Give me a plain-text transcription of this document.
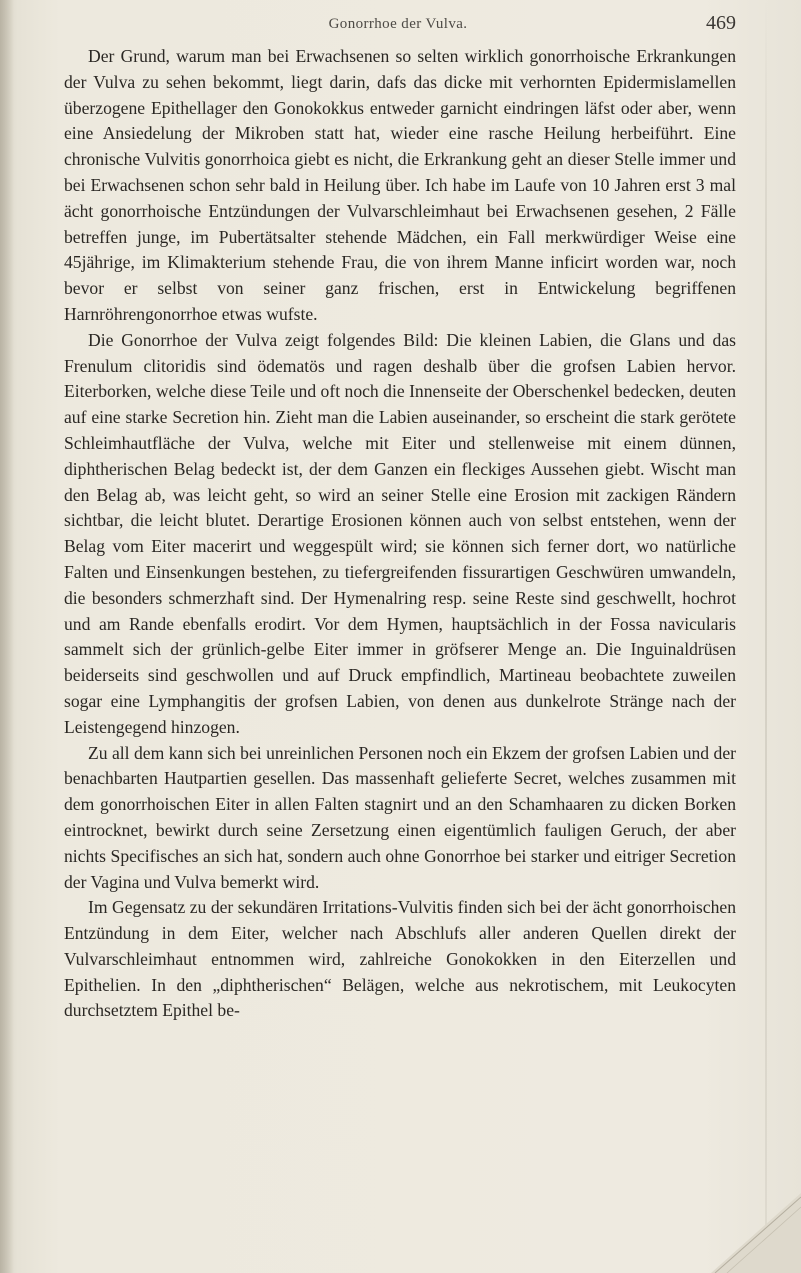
Gonorrhoe der Vulva.	469

Der Grund, warum man bei Erwachsenen so selten wirklich gonorrhoische Erkrankungen der Vulva zu sehen bekommt, liegt darin, dafs das dicke mit verhornten Epidermislamellen überzogene Epithellager den Gonokokkus entweder garnicht eindringen läfst oder aber, wenn eine Ansiedelung der Mikroben statt hat, wieder eine rasche Heilung herbeiführt. Eine chronische Vulvitis gonorrhoica giebt es nicht, die Erkrankung geht an dieser Stelle immer und bei Erwachsenen schon sehr bald in Heilung über. Ich habe im Laufe von 10 Jahren erst 3 mal ächt gonorrhoische Entzündungen der Vulvarschleimhaut bei Erwachsenen gesehen, 2 Fälle betreffen junge, im Pubertätsalter stehende Mädchen, ein Fall merkwürdiger Weise eine 45jährige, im Klimakterium stehende Frau, die von ihrem Manne inficirt worden war, noch bevor er selbst von seiner ganz frischen, erst in Entwickelung begriffenen Harnröhrengonorrhoe etwas wufste.

Die Gonorrhoe der Vulva zeigt folgendes Bild: Die kleinen Labien, die Glans und das Frenulum clitoridis sind ödematös und ragen deshalb über die grofsen Labien hervor. Eiterborken, welche diese Teile und oft noch die Innenseite der Oberschenkel bedecken, deuten auf eine starke Secretion hin. Zieht man die Labien auseinander, so erscheint die stark gerötete Schleimhautfläche der Vulva, welche mit Eiter und stellenweise mit einem dünnen, diphtherischen Belag bedeckt ist, der dem Ganzen ein fleckiges Aussehen giebt. Wischt man den Belag ab, was leicht geht, so wird an seiner Stelle eine Erosion mit zackigen Rändern sichtbar, die leicht blutet. Derartige Erosionen können auch von selbst entstehen, wenn der Belag vom Eiter macerirt und weggespült wird; sie können sich ferner dort, wo natürliche Falten und Einsenkungen bestehen, zu tiefergreifenden fissurartigen Geschwüren umwandeln, die besonders schmerzhaft sind. Der Hymenalring resp. seine Reste sind geschwellt, hochrot und am Rande ebenfalls erodirt. Vor dem Hymen, hauptsächlich in der Fossa navicularis sammelt sich der grünlich-gelbe Eiter immer in gröfserer Menge an. Die Inguinaldrüsen beiderseits sind geschwollen und auf Druck empfindlich, Martineau beobachtete zuweilen sogar eine Lymphangitis der grofsen Labien, von denen aus dunkelrote Stränge nach der Leistengegend hinzogen.

Zu all dem kann sich bei unreinlichen Personen noch ein Ekzem der grofsen Labien und der benachbarten Hautpartien gesellen. Das massenhaft gelieferte Secret, welches zusammen mit dem gonorrhoischen Eiter in allen Falten stagnirt und an den Schamhaaren zu dicken Borken eintrocknet, bewirkt durch seine Zersetzung einen eigentümlich fauligen Geruch, der aber nichts Specifisches an sich hat, sondern auch ohne Gonorrhoe bei starker und eitriger Secretion der Vagina und Vulva bemerkt wird.

Im Gegensatz zu der sekundären Irritations-Vulvitis finden sich bei der ächt gonorrhoischen Entzündung in dem Eiter, welcher nach Abschlufs aller anderen Quellen direkt der Vulvarschleimhaut entnommen wird, zahlreiche Gonokokken in den Eiterzellen und Epithelien. In den „diphtherischen“ Belägen, welche aus nekrotischem, mit Leukocyten durchsetztem Epithel be-
